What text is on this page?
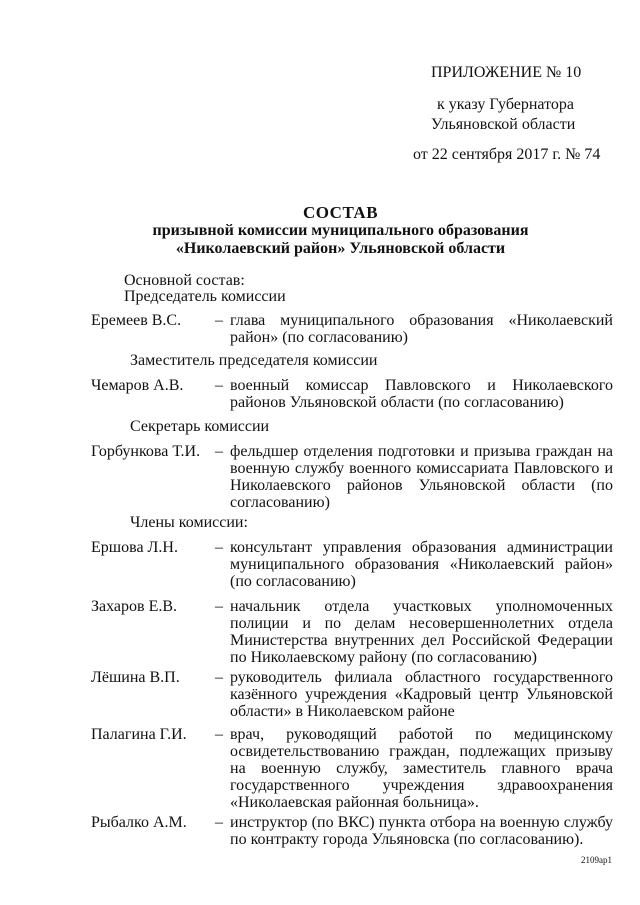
ПРИЛОЖЕНИЕ № 10
к указу Губернатора
Ульяновской области
от 22 сентября 2017 г. № 74
СОСТАВ
призывной комиссии муниципального образования
«Николаевский район» Ульяновской области
Основной состав:
Председатель комиссии
Еремеев В.С. – глава муниципального образования «Николаевский район» (по согласованию)
Заместитель председателя комиссии
Чемаров А.В. – военный комиссар Павловского и Николаевского районов Ульяновской области (по согласованию)
Секретарь комиссии
Горбункова Т.И. – фельдшер отделения подготовки и призыва граждан на военную службу военного комиссариата Павловского и Николаевского районов Ульяновской области (по согласованию)
Члены комиссии:
Ершова Л.Н. – консультант управления образования администрации муниципального образования «Николаевский район» (по согласованию)
Захаров Е.В. – начальник отдела участковых уполномоченных полиции и по делам несовершеннолетних отдела Министерства внутренних дел Российской Федерации по Николаевскому району (по согласованию)
Лёшина В.П. – руководитель филиала областного государственного казённого учреждения «Кадровый центр Ульяновской области» в Николаевском районе
Палагина Г.И. – врач, руководящий работой по медицинскому освидетельствованию граждан, подлежащих призыву на военную службу, заместитель главного врача государственного учреждения здравоохранения «Николаевская районная больница».
Рыбалко А.М. – инструктор (по ВКС) пункта отбора на военную службу по контракту города Ульяновска (по согласованию).
2109ap1
